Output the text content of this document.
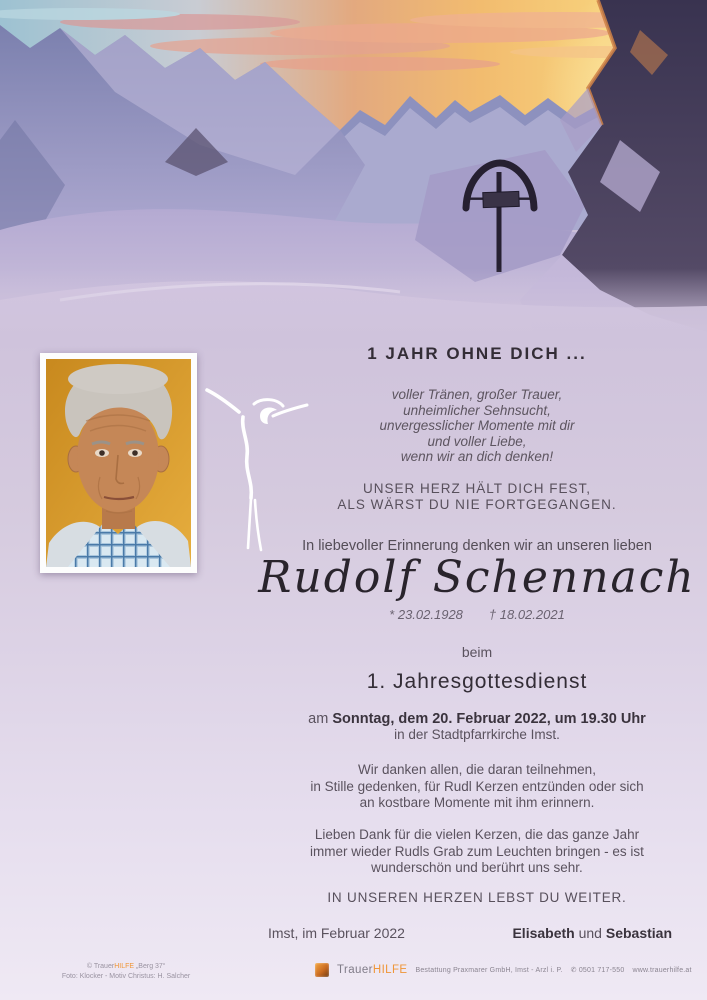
1 JAHR OHNE DICH ...
voller Tränen, großer Trauer,
unheimlicher Sehnsucht,
unvergesslicher Momente mit dir
und voller Liebe,
wenn wir an dich denken!
UNSER HERZ HÄLT DICH FEST,
ALS WÄRST DU NIE FORTGEGANGEN.
In liebevoller Erinnerung denken wir an unseren lieben
Rudolf Schennach
* 23.02.1928 † 18.02.2021
beim
1. Jahresgottesdienst
am Sonntag, dem 20. Februar 2022, um 19.30 Uhr
in der Stadtpfarrkirche Imst.
Wir danken allen, die daran teilnehmen,
in Stille gedenken, für Rudl Kerzen entzünden oder sich
an kostbare Momente mit ihm erinnern.
Lieben Dank für die vielen Kerzen, die das ganze Jahr
immer wieder Rudls Grab zum Leuchten bringen - es ist
wunderschön und berührt uns sehr.
IN UNSEREN HERZEN LEBST DU WEITER.
Imst, im Februar 2022	Elisabeth und Sebastian
© TrauerHILFE „Berg 37“
Foto: Klocker - Motiv Christus: H. Salcher
TrauerHILFE Bestattung Praxmarer GmbH, Imst - Arzl i. P. ✆ 0501 717-550 www.trauerhilfe.at
